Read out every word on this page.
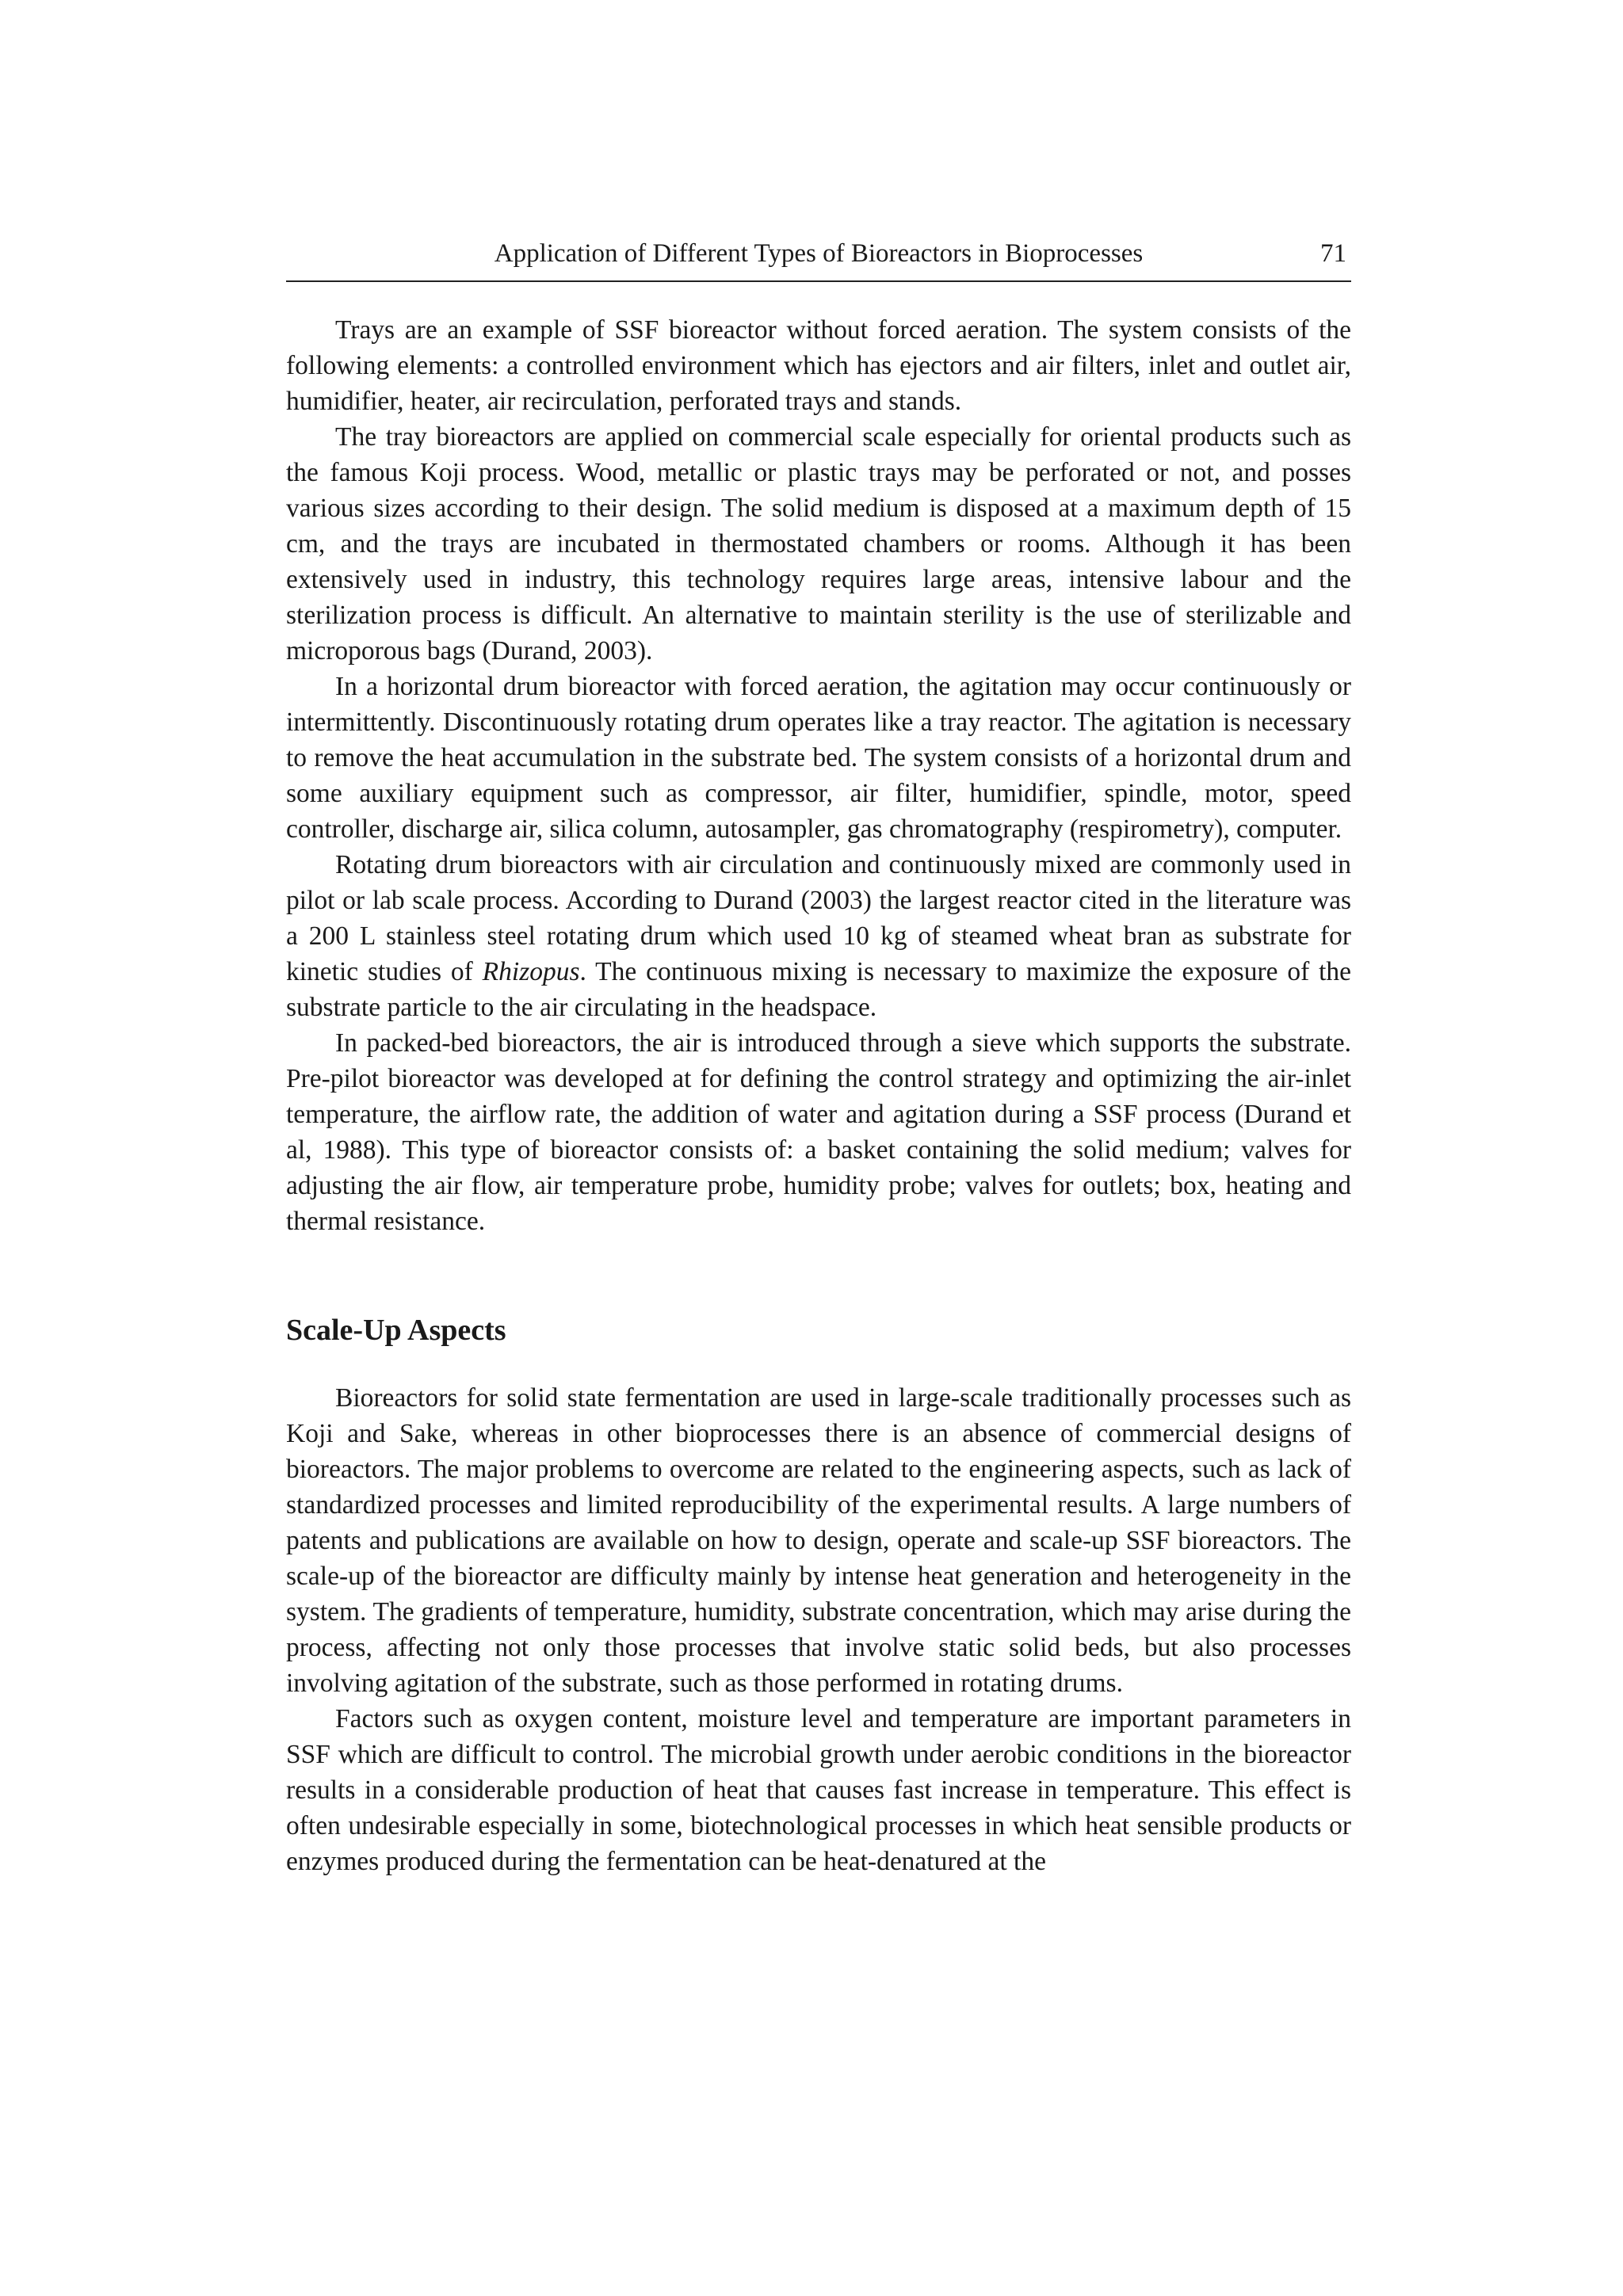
Application of Different Types of Bioreactors in Bioprocesses	71

Trays are an example of SSF bioreactor without forced aeration. The system consists of the following elements: a controlled environment which has ejectors and air filters, inlet and outlet air, humidifier, heater, air recirculation, perforated trays and stands.

The tray bioreactors are applied on commercial scale especially for oriental products such as the famous Koji process. Wood, metallic or plastic trays may be perforated or not, and posses various sizes according to their design. The solid medium is disposed at a maximum depth of 15 cm, and the trays are incubated in thermostated chambers or rooms. Although it has been extensively used in industry, this technology requires large areas, intensive labour and the sterilization process is difficult. An alternative to maintain sterility is the use of sterilizable and microporous bags (Durand, 2003).

In a horizontal drum bioreactor with forced aeration, the agitation may occur continuously or intermittently. Discontinuously rotating drum operates like a tray reactor. The agitation is necessary to remove the heat accumulation in the substrate bed. The system consists of a horizontal drum and some auxiliary equipment such as compressor, air filter, humidifier, spindle, motor, speed controller, discharge air, silica column, autosampler, gas chromatography (respirometry), computer.

Rotating drum bioreactors with air circulation and continuously mixed are commonly used in pilot or lab scale process. According to Durand (2003) the largest reactor cited in the literature was a 200 L stainless steel rotating drum which used 10 kg of steamed wheat bran as substrate for kinetic studies of Rhizopus. The continuous mixing is necessary to maximize the exposure of the substrate particle to the air circulating in the headspace.

In packed-bed bioreactors, the air is introduced through a sieve which supports the substrate. Pre-pilot bioreactor was developed at for defining the control strategy and optimizing the air-inlet temperature, the airflow rate, the addition of water and agitation during a SSF process (Durand et al, 1988). This type of bioreactor consists of: a basket containing the solid medium; valves for adjusting the air flow, air temperature probe, humidity probe; valves for outlets; box, heating and thermal resistance.

Scale-Up Aspects

Bioreactors for solid state fermentation are used in large-scale traditionally processes such as Koji and Sake, whereas in other bioprocesses there is an absence of commercial designs of bioreactors. The major problems to overcome are related to the engineering aspects, such as lack of standardized processes and limited reproducibility of the experimental results. A large numbers of patents and publications are available on how to design, operate and scale-up SSF bioreactors. The scale-up of the bioreactor are difficulty mainly by intense heat generation and heterogeneity in the system. The gradients of temperature, humidity, substrate concentration, which may arise during the process, affecting not only those processes that involve static solid beds, but also processes involving agitation of the substrate, such as those performed in rotating drums.

Factors such as oxygen content, moisture level and temperature are important parameters in SSF which are difficult to control. The microbial growth under aerobic conditions in the bioreactor results in a considerable production of heat that causes fast increase in temperature. This effect is often undesirable especially in some, biotechnological processes in which heat sensible products or enzymes produced during the fermentation can be heat-denatured at the
